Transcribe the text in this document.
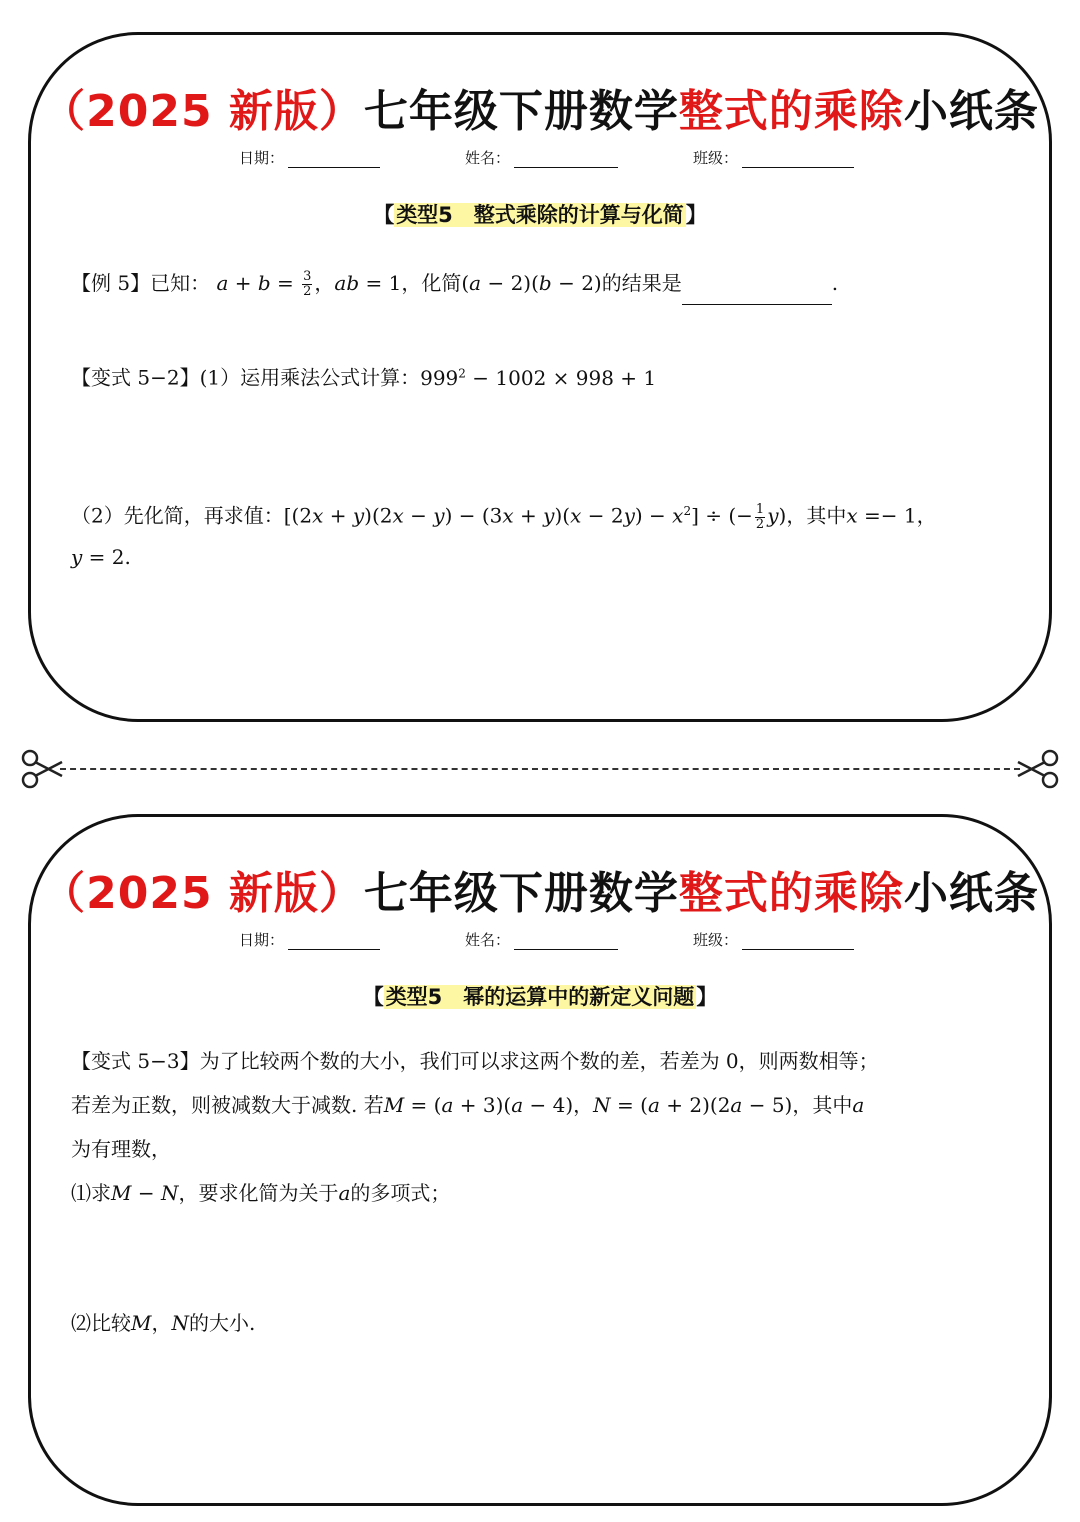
（2025 新版）七年级下册数学整式的乘除小纸条
日期：	姓名：	班级：
【类型5　整式乘除的计算与化简】
【例 5】已知： $a + b = \frac{3}{2}$ ，ab = 1，化简(a − 2)(b − 2)的结果是	.
【变式 5−2】(1）运用乘法公式计算：$999^2 - 1002 \times 998 + 1$
（2）先化简，再求值：$[(2x + y)(2x - y) - (3x + y)(x - 2y) - x^2]$ ÷ (− $\frac{1}{2} y$)，其中x =− 1，
y = 2.
（2025 新版）七年级下册数学整式的乘除小纸条
日期：	姓名：	班级：
【类型5　幂的运算中的新定义问题】
【变式 5−3】为了比较两个数的大小，我们可以求这两个数的差，若差为 0，则两数相等；
若差为正数，则被减数大于减数. 若M = (a + 3)(a − 4)，N = (a + 2)(2a − 5)，其中a
为有理数，
⑴求M − N，要求化简为关于a的多项式；
⑵比较M，N的大小.
